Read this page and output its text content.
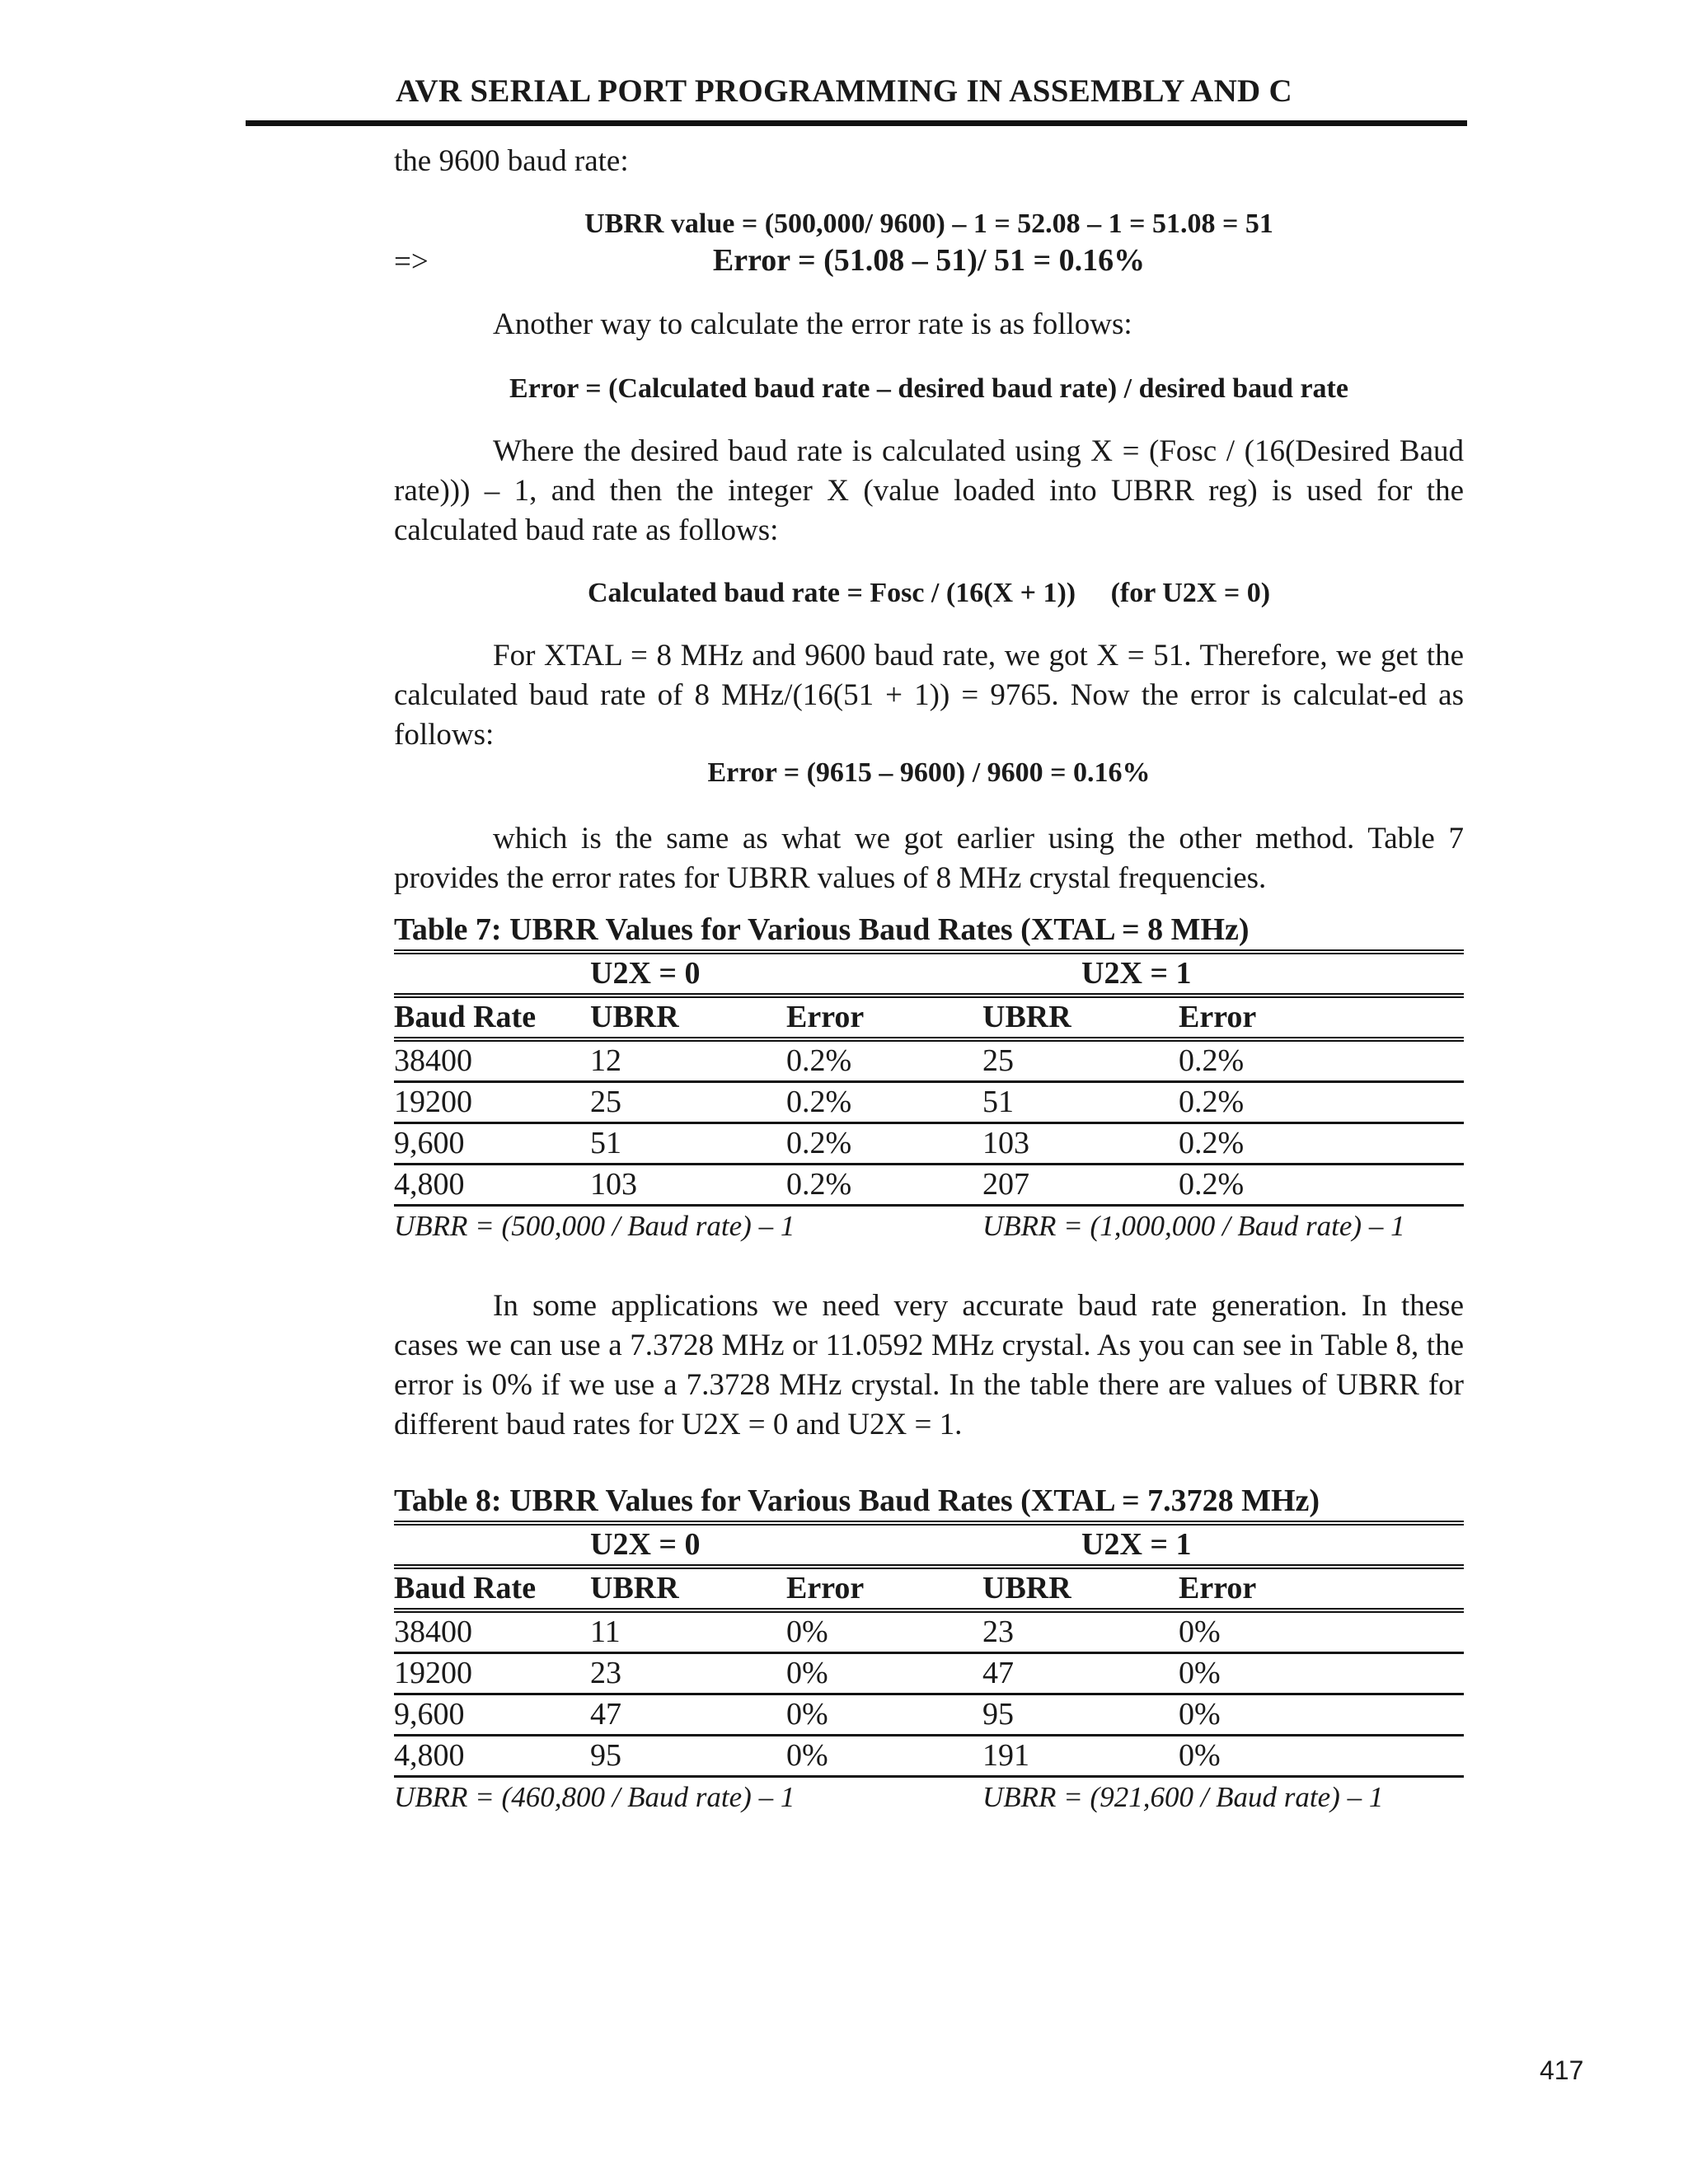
AVR SERIAL PORT PROGRAMMING IN ASSEMBLY AND C

the 9600 baud rate:

UBRR value = (500,000/ 9600) – 1 = 52.08 – 1 = 51.08 = 51

=>	Error = (51.08 – 51)/ 51 = 0.16%

Another way to calculate the error rate is as follows:

Error = (Calculated baud rate – desired baud rate) / desired baud rate

Where the desired baud rate is calculated using X = (Fosc / (16(Desired Baud rate))) – 1, and then the integer X (value loaded into UBRR reg) is used for the calculated baud rate as follows:

Calculated baud rate = Fosc / (16(X + 1))     (for U2X = 0)

For XTAL = 8 MHz and 9600 baud rate, we got X = 51. Therefore, we get the calculated baud rate of 8 MHz/(16(51 + 1)) = 9765. Now the error is calculat-ed as follows:

Error = (9615 – 9600) / 9600 = 0.16%

which is the same as what we got earlier using the other method. Table 7 provides the error rates for UBRR values of 8 MHz crystal frequencies.

Table 7: UBRR Values for Various Baud Rates (XTAL = 8 MHz)

	U2X = 0		U2X = 1	
Baud Rate	UBRR	Error	UBRR	Error
38400	12	0.2%	25	0.2%
19200	25	0.2%	51	0.2%
9,600	51	0.2%	103	0.2%
4,800	103	0.2%	207	0.2%
UBRR = (500,000 / Baud rate) – 1			UBRR = (1,000,000 / Baud rate) – 1	

In some applications we need very accurate baud rate generation. In these cases we can use a 7.3728 MHz or 11.0592 MHz crystal. As you can see in Table 8, the error is 0% if we use a 7.3728 MHz crystal. In the table there are values of UBRR for different baud rates for U2X = 0 and U2X = 1.

Table 8: UBRR Values for Various Baud Rates (XTAL = 7.3728 MHz)

	U2X = 0		U2X = 1	
Baud Rate	UBRR	Error	UBRR	Error
38400	11	0%	23	0%
19200	23	0%	47	0%
9,600	47	0%	95	0%
4,800	95	0%	191	0%
UBRR = (460,800 / Baud rate) – 1			UBRR = (921,600 / Baud rate) – 1	
417
